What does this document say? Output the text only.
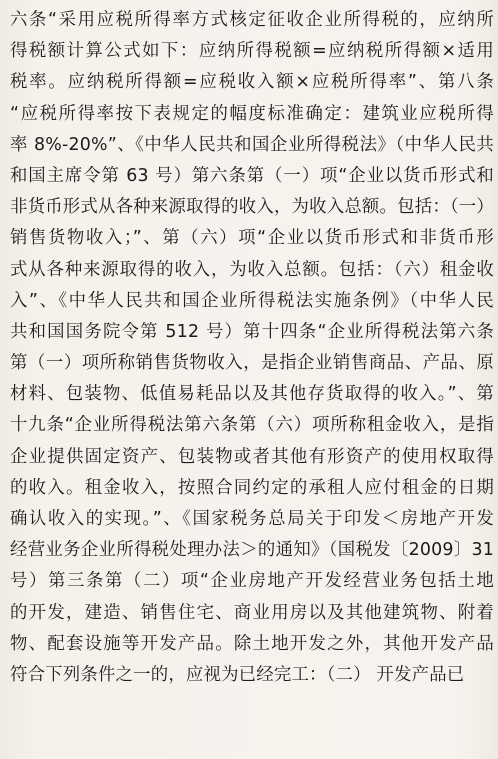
六条“采用应税所得率方式核定征收企业所得税的，应纳所
得税额计算公式如下：应纳所得税额=应纳税所得额×适用
税率。应纳税所得额=应税收入额×应税所得率”、第八条
“应税所得率按下表规定的幅度标准确定：建筑业应税所得
率 8%-20%”、《中华人民共和国企业所得税法》（中华人民共
和国主席令第 63 号）第六条第（一）项“企业以货币形式和
非货币形式从各种来源取得的收入，为收入总额。包括：（一）
销售货物收入；”、第（六）项“企业以货币形式和非货币形
式从各种来源取得的收入，为收入总额。包括：（六）租金收
入”、《中华人民共和国企业所得税法实施条例》（中华人民
共和国国务院令第 512 号）第十四条“企业所得税法第六条
第（一）项所称销售货物收入，是指企业销售商品、产品、原
材料、包装物、低值易耗品以及其他存货取得的收入。”、第
十九条“企业所得税法第六条第（六）项所称租金收入，是指
企业提供固定资产、包装物或者其他有形资产的使用权取得
的收入。租金收入，按照合同约定的承租人应付租金的日期
确认收入的实现。”、《国家税务总局关于印发＜房地产开发
经营业务企业所得税处理办法＞的通知》（国税发〔2009〕31
号）第三条第（二）项“企业房地产开发经营业务包括土地
的开发，建造、销售住宅、商业用房以及其他建筑物、附着
物、配套设施等开发产品。除土地开发之外，其他开发产品
符合下列条件之一的，应视为已经完工：（二） 开发产品已
